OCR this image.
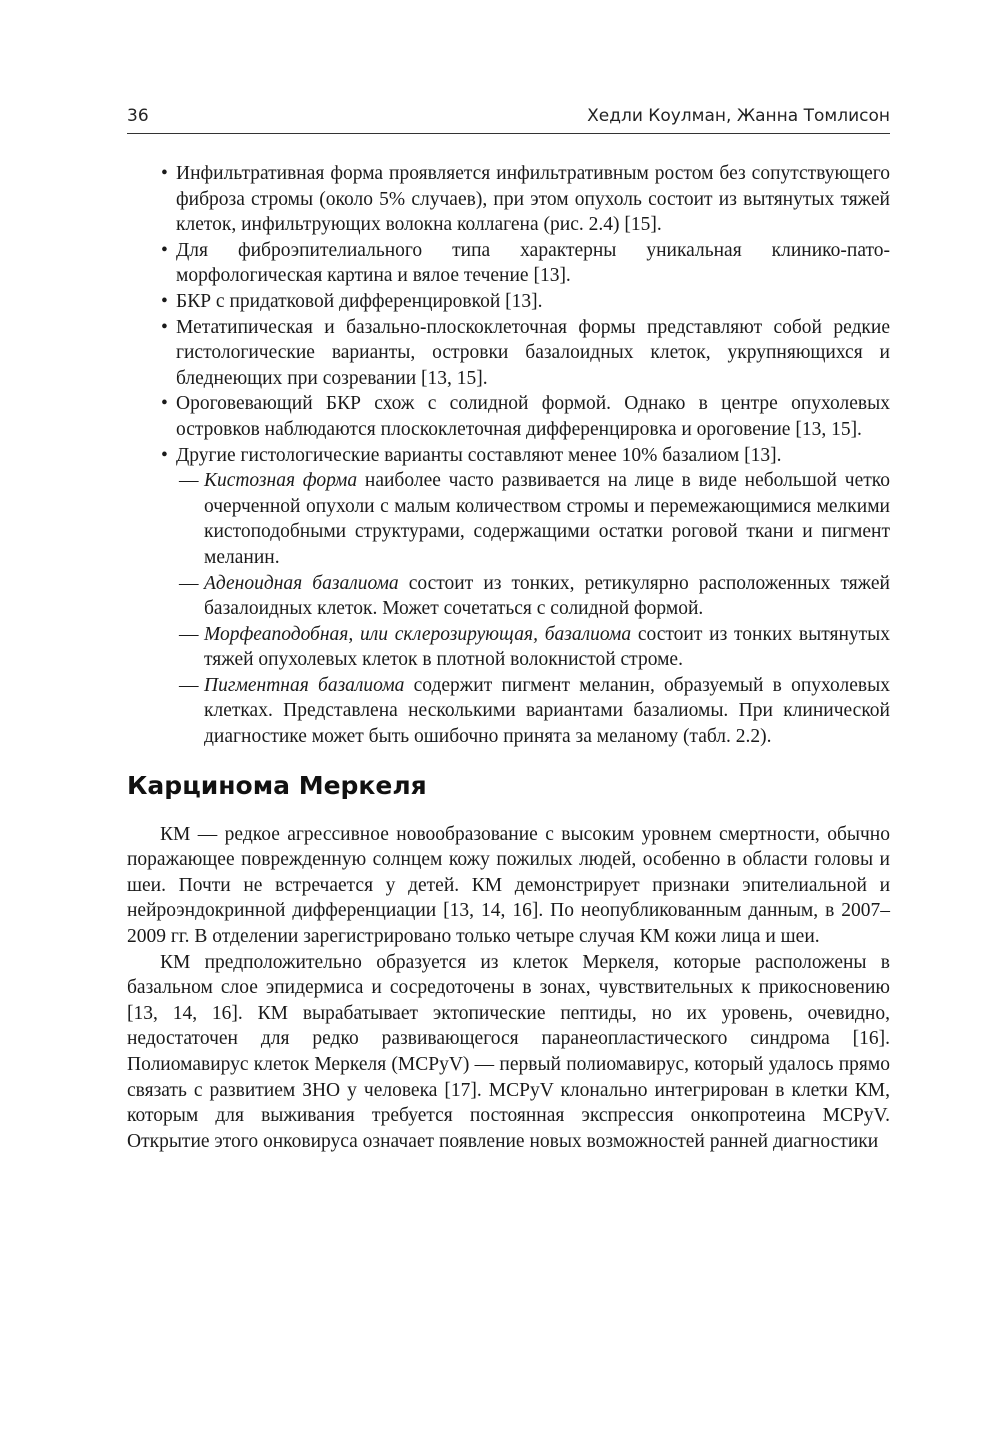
36	Хедли Коулман, Жанна Томлисон
• Инфильтративная форма проявляется инфильтративным ростом без сопутствующего фиброза стромы (около 5% случаев), при этом опухоль состоит из вытянутых тяжей клеток, инфильтрующих волокна коллагена (рис. 2.4) [15].
• Для фиброэпителиального типа характерны уникальная клинико-патоморфологическая картина и вялое течение [13].
• БКР с придатковой дифференцировкой [13].
• Метатипическая и базально-плоскоклеточная формы представляют собой редкие гистологические варианты, островки базалоидных клеток, укрупняющихся и бледнеющих при созревании [13, 15].
• Ороговевающий БКР схож с солидной формой. Однако в центре опухолевых островков наблюдаются плоскоклеточная дифференцировка и ороговение [13, 15].
• Другие гистологические варианты составляют менее 10% базалиом [13].
— Кистозная форма наиболее часто развивается на лице в виде небольшой четко очерченной опухоли с малым количеством стромы и перемежающимися мелкими кистоподобными структурами, содержащими остатки роговой ткани и пигмент меланин.
— Аденоидная базалиома состоит из тонких, ретикулярно расположенных тяжей базалоидных клеток. Может сочетаться с солидной формой.
— Морфеаподобная, или склерозирующая, базалиома состоит из тонких вытянутых тяжей опухолевых клеток в плотной волокнистой строме.
— Пигментная базалиома содержит пигмент меланин, образуемый в опухолевых клетках. Представлена несколькими вариантами базалиомы. При клинической диагностике может быть ошибочно принята за меланому (табл. 2.2).
Карцинома Меркеля

КМ — редкое агрессивное новообразование с высоким уровнем смертности, обычно поражающее поврежденную солнцем кожу пожилых людей, особенно в области головы и шеи. Почти не встречается у детей. КМ демонстрирует признаки эпителиальной и нейроэндокринной дифференциации [13, 14, 16]. По неопубликованным данным, в 2007–2009 гг. В отделении зарегистрировано только четыре случая КМ кожи лица и шеи.

КМ предположительно образуется из клеток Меркеля, которые расположены в базальном слое эпидермиса и сосредоточены в зонах, чувствительных к прикосновению [13, 14, 16]. КМ вырабатывает эктопические пептиды, но их уровень, очевидно, недостаточен для редко развивающегося паранеопластического синдрома [16]. Полиомавирус клеток Меркеля (MCPyV) — первый полиомавирус, который удалось прямо связать с развитием ЗНО у человека [17]. MCPyV клонально интегрирован в клетки КМ, которым для выживания требуется постоянная экспрессия онкопротеина MCPyV. Открытие этого онковируса означает появление новых возможностей ранней диагностики
